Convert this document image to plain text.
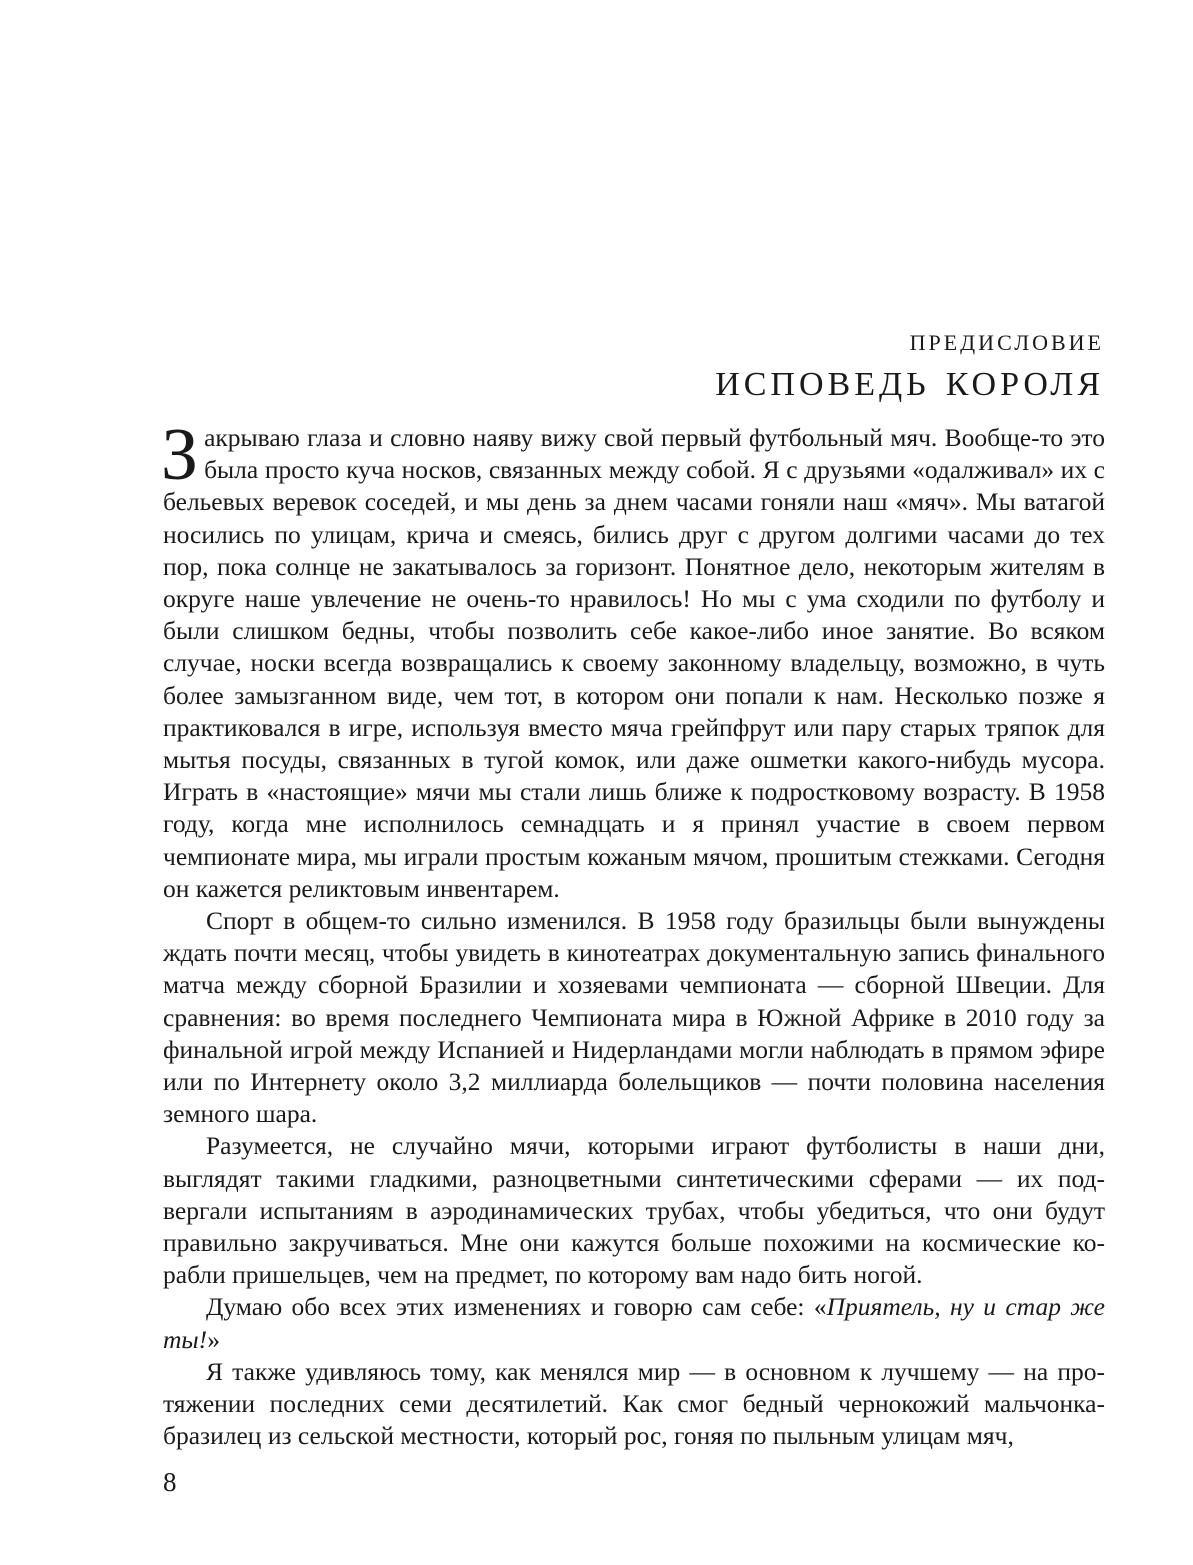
предисловие
исповедь короля

Закрываю глаза и словно наяву вижу свой первый футбольный мяч. Вообще-то это была просто куча носков, связанных между собой. Я с друзьями «одалживал» их с бельевых веревок соседей, и мы день за днем часами гоняли наш «мяч». Мы ватагой носились по улицам, крича и смеясь, бились друг с другом долгими часами до тех пор, пока солнце не закатывалось за горизонт. Понятное дело, некоторым жителям в округе наше увлечение не очень-то нравилось! Но мы с ума сходили по футболу и были слишком бедны, чтобы позволить себе какое-либо иное занятие. Во всяком случае, носки всегда возвращались к своему законному владельцу, возможно, в чуть более замызганном виде, чем тот, в котором они попали к нам. Несколько позже я практиковался в игре, используя вместо мяча грейпфрут или пару старых тряпок для мытья посуды, связанных в тугой комок, или даже ошметки какого-нибудь мусора. Играть в «настоящие» мячи мы стали лишь ближе к подростковому возрасту. В 1958 году, когда мне исполнилось семнадцать и я принял участие в своем первом чемпионате мира, мы играли простым кожаным мячом, прошитым стежками. Сегодня он кажется реликтовым инвентарем.

Спорт в общем-то сильно изменился. В 1958 году бразильцы были вынуждены ждать почти месяц, чтобы увидеть в кинотеатрах документальную запись финального матча между сборной Бразилии и хозяевами чемпионата — сборной Швеции. Для сравнения: во время последнего Чемпионата мира в Южной Африке в 2010 году за финальной игрой между Испанией и Нидерландами могли наблюдать в прямом эфире или по Интернету около 3,2 миллиарда болельщиков — почти половина населения земного шара.

Разумеется, не случайно мячи, которыми играют футболисты в наши дни, выглядят такими гладкими, разноцветными синтетическими сферами — их подвергали испытаниям в аэродинамических трубах, чтобы убедиться, что они будут правильно закручиваться. Мне они кажутся больше похожими на космические корабли пришельцев, чем на предмет, по которому вам надо бить ногой.

Думаю обо всех этих изменениях и говорю сам себе: «Приятель, ну и стар же ты!»

Я также удивляюсь тому, как менялся мир — в основном к лучшему — на протяжении последних семи десятилетий. Как смог бедный чернокожий мальчонка-бразилец из сельской местности, который рос, гоняя по пыльным улицам мяч,

8
